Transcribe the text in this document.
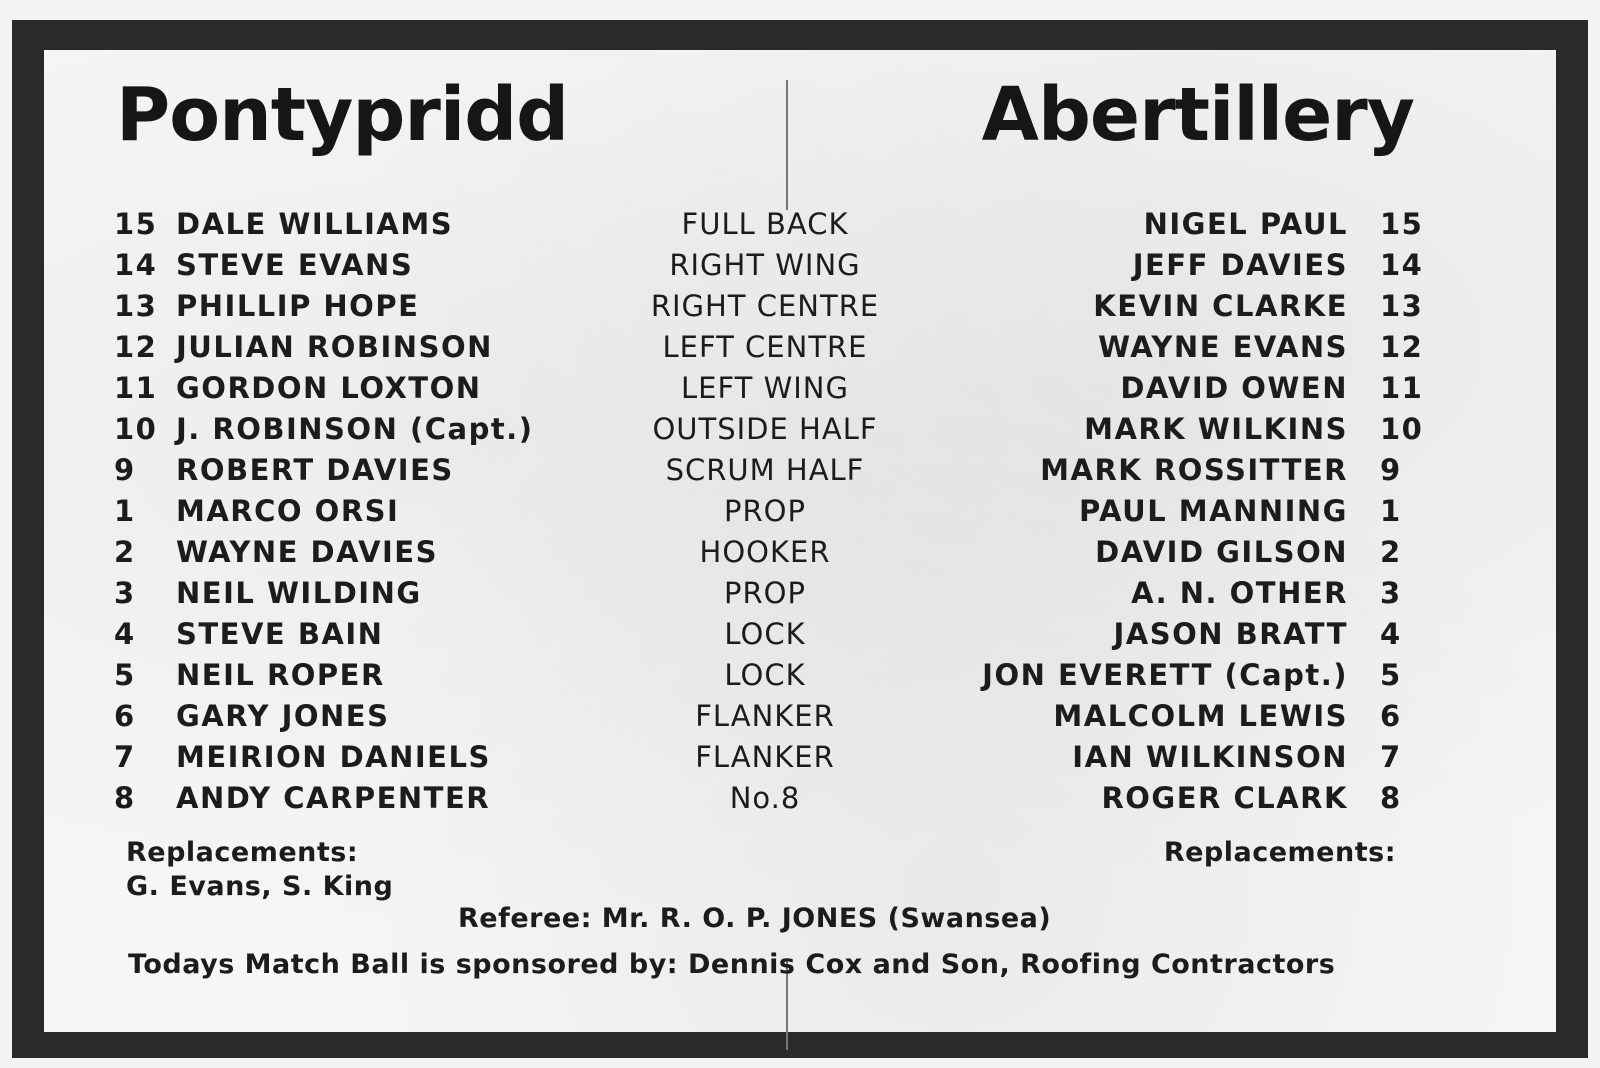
Pontypridd	Abertillery
15 DALE WILLIAMS	FULL BACK	NIGEL PAUL 15
14 STEVE EVANS	RIGHT WING	JEFF DAVIES 14
13 PHILLIP HOPE	RIGHT CENTRE	KEVIN CLARKE 13
12 JULIAN ROBINSON	LEFT CENTRE	WAYNE EVANS 12
11 GORDON LOXTON	LEFT WING	DAVID OWEN 11
10 J. ROBINSON (Capt.)	OUTSIDE HALF	MARK WILKINS 10
9	ROBERT DAVIES	SCRUM HALF	MARK ROSSITTER 9
1	MARCO ORSI	PROP	PAUL MANNING 1
2	WAYNE DAVIES	HOOKER	DAVID GILSON 2
3	NEIL WILDING	PROP	A. N. OTHER 3
4	STEVE BAIN	LOCK	JASON BRATT 4
5	NEIL ROPER	LOCK	JON EVERETT (Capt.) 5
6	GARY JONES	FLANKER	MALCOLM LEWIS 6
7	MEIRION DANIELS	FLANKER	IAN WILKINSON 7
8	ANDY CARPENTER	No.8	ROGER CLARK 8
Replacements:
G. Evans, S. King
Replacements:
Referee: Mr. R. O. P. JONES (Swansea)
Todays Match Ball is sponsored by: Dennis Cox and Son, Roofing Contractors
